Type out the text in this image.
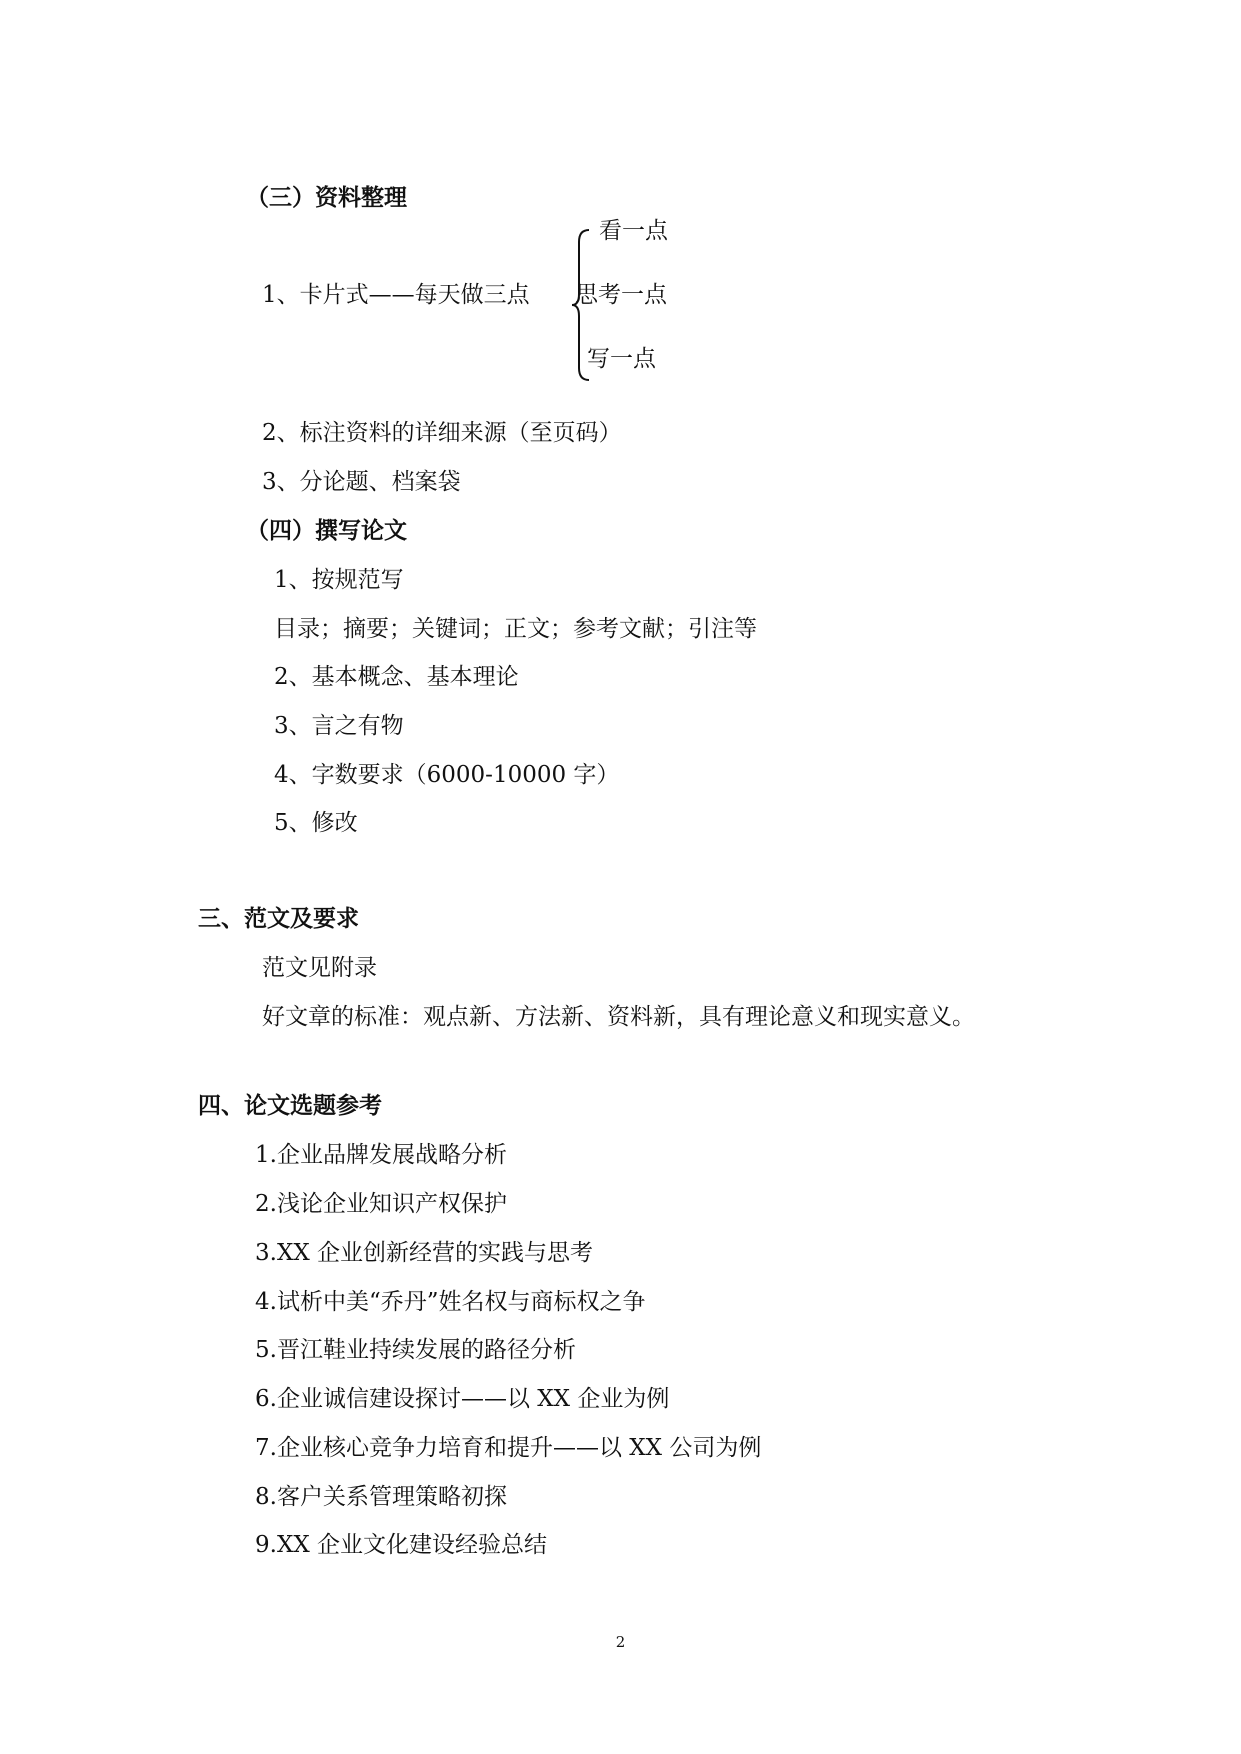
（三）资料整理
1、卡片式——每天做三点
看一点
思考一点
写一点
2、标注资料的详细来源（至页码）
3、分论题、档案袋
（四）撰写论文
1、按规范写
目录；摘要；关键词；正文；参考文献；引注等
2、基本概念、基本理论
3、言之有物
4、字数要求（6000-10000 字）
5、修改
三、范文及要求
范文见附录
好文章的标准：观点新、方法新、资料新，具有理论意义和现实意义。
四、论文选题参考
1.企业品牌发展战略分析
2.浅论企业知识产权保护
3.XX 企业创新经营的实践与思考
4.试析中美“乔丹”姓名权与商标权之争
5.晋江鞋业持续发展的路径分析
6.企业诚信建设探讨——以 XX 企业为例
7.企业核心竞争力培育和提升——以 XX 公司为例
8.客户关系管理策略初探
9.XX 企业文化建设经验总结
2
